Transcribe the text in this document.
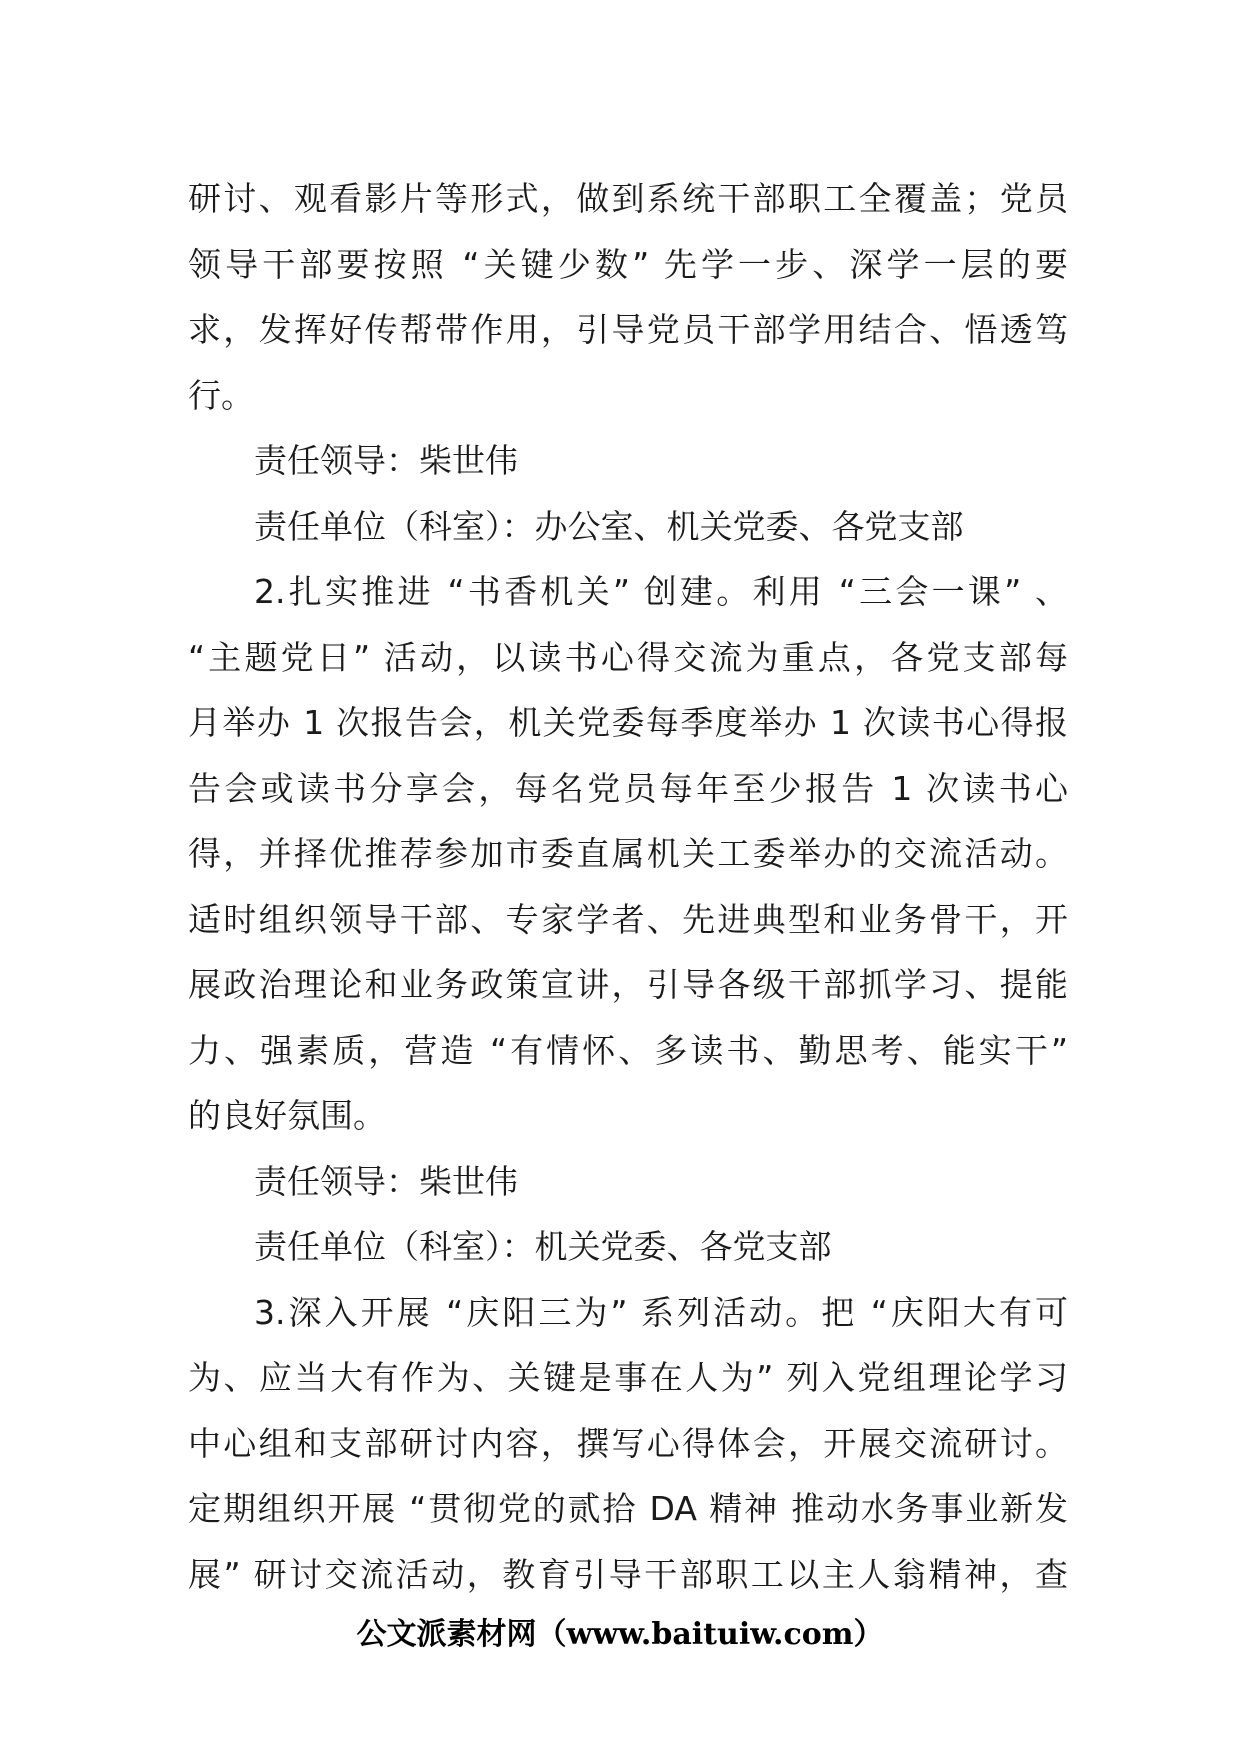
研讨、观看影片等形式，做到系统干部职工全覆盖；党员
领导干部要按照 “关键少数” 先学一步、深学一层的要
求，发挥好传帮带作用，引导党员干部学用结合、悟透笃
行。
责任领导：柴世伟
责任单位（科室）：办公室、机关党委、各党支部
2.扎实推进 “书香机关” 创建。利用 “三会一课” 、
“主题党日” 活动，以读书心得交流为重点，各党支部每
月举办 1 次报告会，机关党委每季度举办 1 次读书心得报
告会或读书分享会，每名党员每年至少报告 1 次读书心
得，并择优推荐参加市委直属机关工委举办的交流活动。
适时组织领导干部、专家学者、先进典型和业务骨干，开
展政治理论和业务政策宣讲，引导各级干部抓学习、提能
力、强素质，营造 “有情怀、多读书、勤思考、能实干”
的良好氛围。
责任领导：柴世伟
责任单位（科室）：机关党委、各党支部
3.深入开展 “庆阳三为” 系列活动。把 “庆阳大有可
为、应当大有作为、关键是事在人为” 列入党组理论学习
中心组和支部研讨内容，撰写心得体会，开展交流研讨。
定期组织开展 “贯彻党的贰拾 DA 精神 推动水务事业新发
展” 研讨交流活动，教育引导干部职工以主人翁精神，查
公文派素材网（www.baituiw.com）
